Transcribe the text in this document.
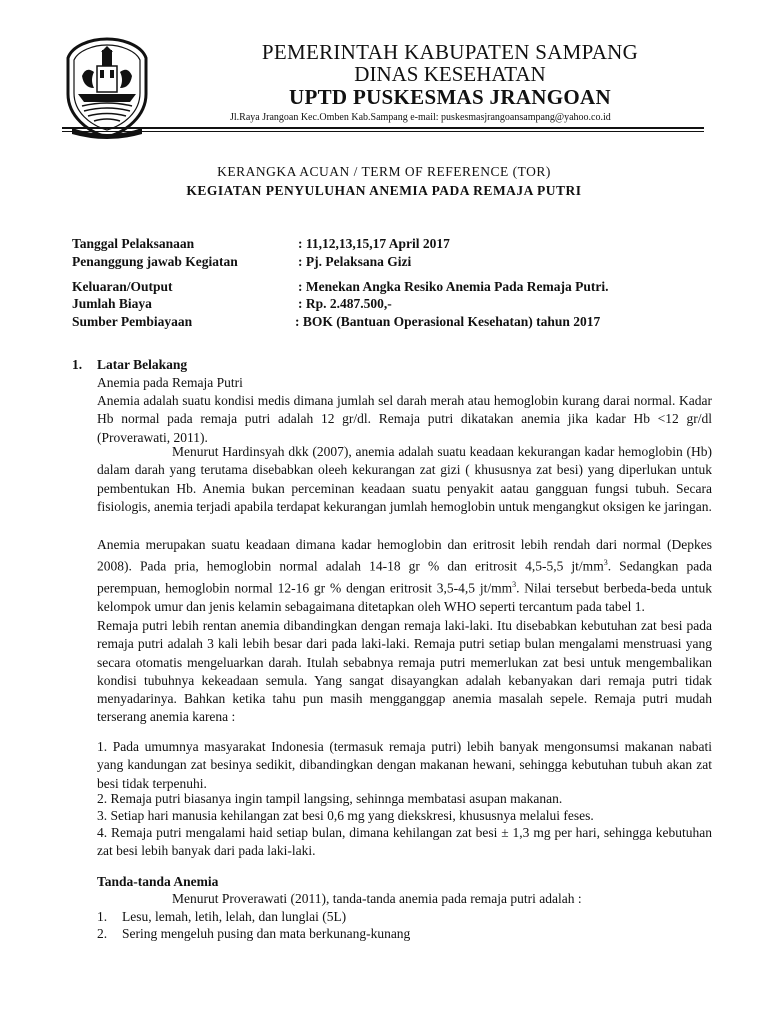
PEMERINTAH KABUPATEN SAMPANG
DINAS KESEHATAN
UPTD PUSKESMAS JRANGOAN
Jl.Raya Jrangoan Kec.Omben Kab.Sampang e-mail: puskesmasjrangoansampang@yahoo.co.id
KERANGKA ACUAN / TERM OF REFERENCE (TOR)
KEGIATAN PENYULUHAN ANEMIA PADA REMAJA PUTRI
Tanggal Pelaksanaan	: 11,12,13,15,17 April 2017
Penanggung jawab Kegiatan	: Pj. Pelaksana Gizi
Keluaran/Output	: Menekan Angka Resiko Anemia Pada Remaja Putri.
Jumlah Biaya	: Rp. 2.487.500,-
Sumber Pembiayaan	: BOK (Bantuan Operasional Kesehatan) tahun 2017
1. Latar Belakang
Anemia pada Remaja Putri
Anemia adalah suatu kondisi medis dimana jumlah sel darah merah atau hemoglobin kurang darai normal. Kadar Hb normal pada remaja putri adalah 12 gr/dl. Remaja putri dikatakan anemia jika kadar Hb <12 gr/dl (Proverawati, 2011).
Menurut Hardinsyah dkk (2007), anemia adalah suatu keadaan kekurangan kadar hemoglobin (Hb) dalam darah yang terutama disebabkan oleeh kekurangan zat gizi ( khususnya zat besi) yang diperlukan untuk pembentukan Hb. Anemia bukan perceminan keadaan suatu penyakit aatau gangguan fungsi tubuh. Secara fisiologis, anemia terjadi apabila terdapat kekurangan jumlah hemoglobin untuk mengangkut oksigen ke jaringan.
Anemia merupakan suatu keadaan dimana kadar hemoglobin dan eritrosit lebih rendah dari normal (Depkes 2008). Pada pria, hemoglobin normal adalah 14-18 gr % dan eritrosit 4,5-5,5 $jt/mm^3$. Sedangkan pada perempuan, hemoglobin normal 12-16 gr % dengan eritrosit 3,5-4,5 $jt/mm^3$. Nilai tersebut berbeda-beda untuk kelompok umur dan jenis kelamin sebagaimana ditetapkan oleh WHO seperti tercantum pada tabel 1.
Remaja putri lebih rentan anemia dibandingkan dengan remaja laki-laki. Itu disebabkan kebutuhan zat besi pada remaja putri adalah 3 kali lebih besar dari pada laki-laki. Remaja putri setiap bulan mengalami menstruasi yang secara otomatis mengeluarkan darah. Itulah sebabnya remaja putri memerlukan zat besi untuk mengembalikan kondisi tubuhnya kekeadaan semula. Yang sangat disayangkan adalah kebanyakan dari remaja putri tidak menyadarinya. Bahkan ketika tahu pun masih mengganggap anemia masalah sepele. Remaja putri mudah terserang anemia karena :
1. Pada umumnya masyarakat Indonesia (termasuk remaja putri) lebih banyak mengonsumsi makanan nabati yang kandungan zat besinya sedikit, dibandingkan dengan makanan hewani, sehingga kebutuhan tubuh akan zat besi tidak terpenuhi.
2. Remaja putri biasanya ingin tampil langsing, sehinnga membatasi asupan makanan.
3. Setiap hari manusia kehilangan zat besi 0,6 mg yang diekskresi, khususnya melalui feses.
4. Remaja putri mengalami haid setiap bulan, dimana kehilangan zat besi ± 1,3 mg per hari, sehingga kebutuhan zat besi lebih banyak dari pada laki-laki.
Tanda-tanda Anemia
Menurut Proverawati (2011), tanda-tanda anemia pada remaja putri adalah :
1. Lesu, lemah, letih, lelah, dan lunglai (5L)
2. Sering mengeluh pusing dan mata berkunang-kunang
